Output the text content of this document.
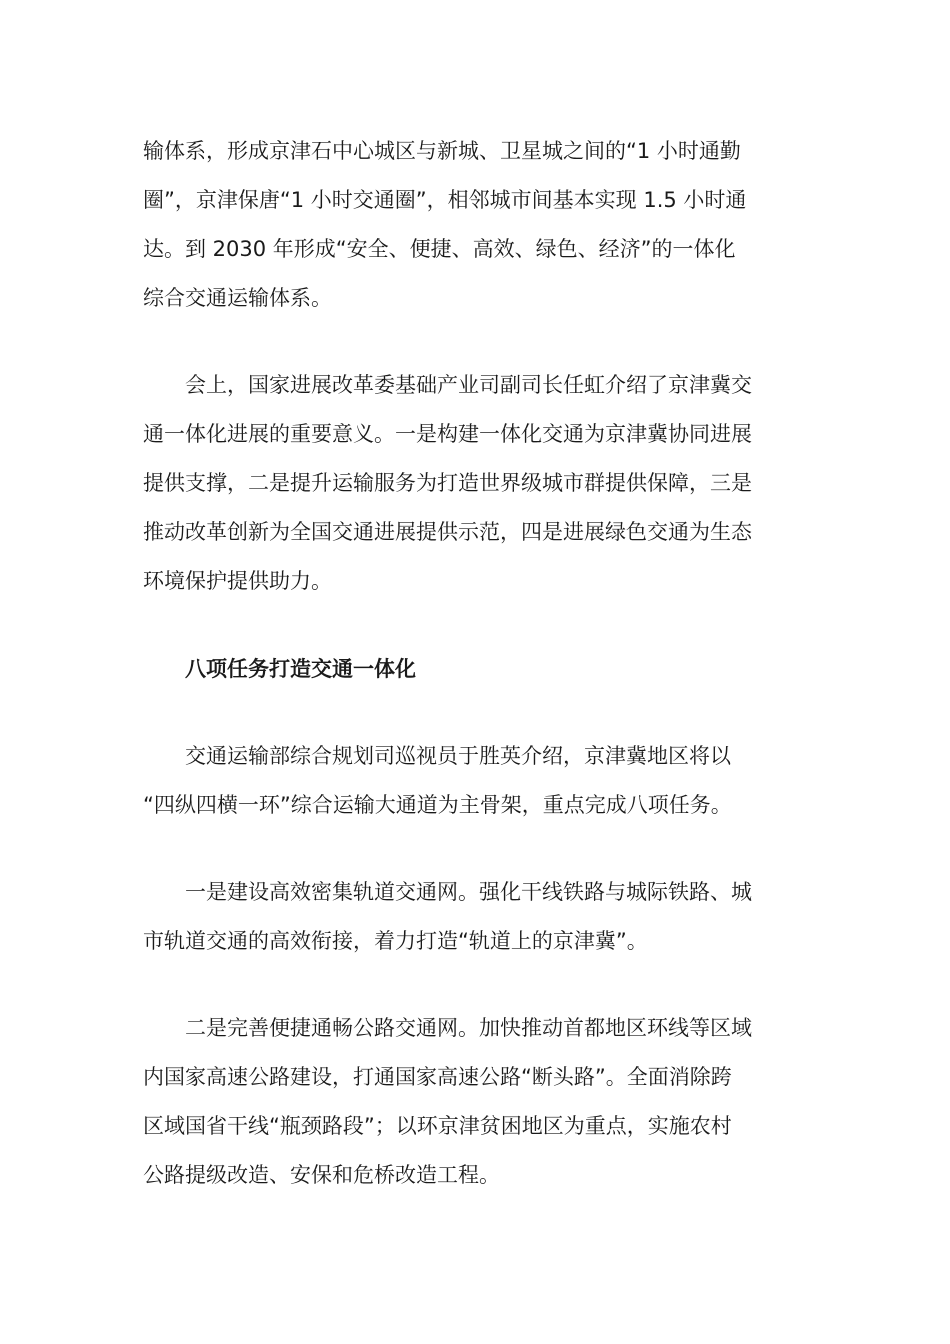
输体系，形成京津石中心城区与新城、卫星城之间的“1 小时通勤
圈”，京津保唐“1 小时交通圈”，相邻城市间基本实现 1.5 小时通
达。到 2030 年形成“安全、便捷、高效、绿色、经济”的一体化
综合交通运输体系。
　　会上，国家进展改革委基础产业司副司长任虹介绍了京津冀交
通一体化进展的重要意义。一是构建一体化交通为京津冀协同进展
提供支撑，二是提升运输服务为打造世界级城市群提供保障，三是
推动改革创新为全国交通进展提供示范，四是进展绿色交通为生态
环境保护提供助力。
　　八项任务打造交通一体化
　　交通运输部综合规划司巡视员于胜英介绍，京津冀地区将以
“四纵四横一环”综合运输大通道为主骨架，重点完成八项任务。
　　一是建设高效密集轨道交通网。强化干线铁路与城际铁路、城
市轨道交通的高效衔接，着力打造“轨道上的京津冀”。
　　二是完善便捷通畅公路交通网。加快推动首都地区环线等区域
内国家高速公路建设，打通国家高速公路“断头路”。全面消除跨
区域国省干线“瓶颈路段”；以环京津贫困地区为重点，实施农村
公路提级改造、安保和危桥改造工程。
